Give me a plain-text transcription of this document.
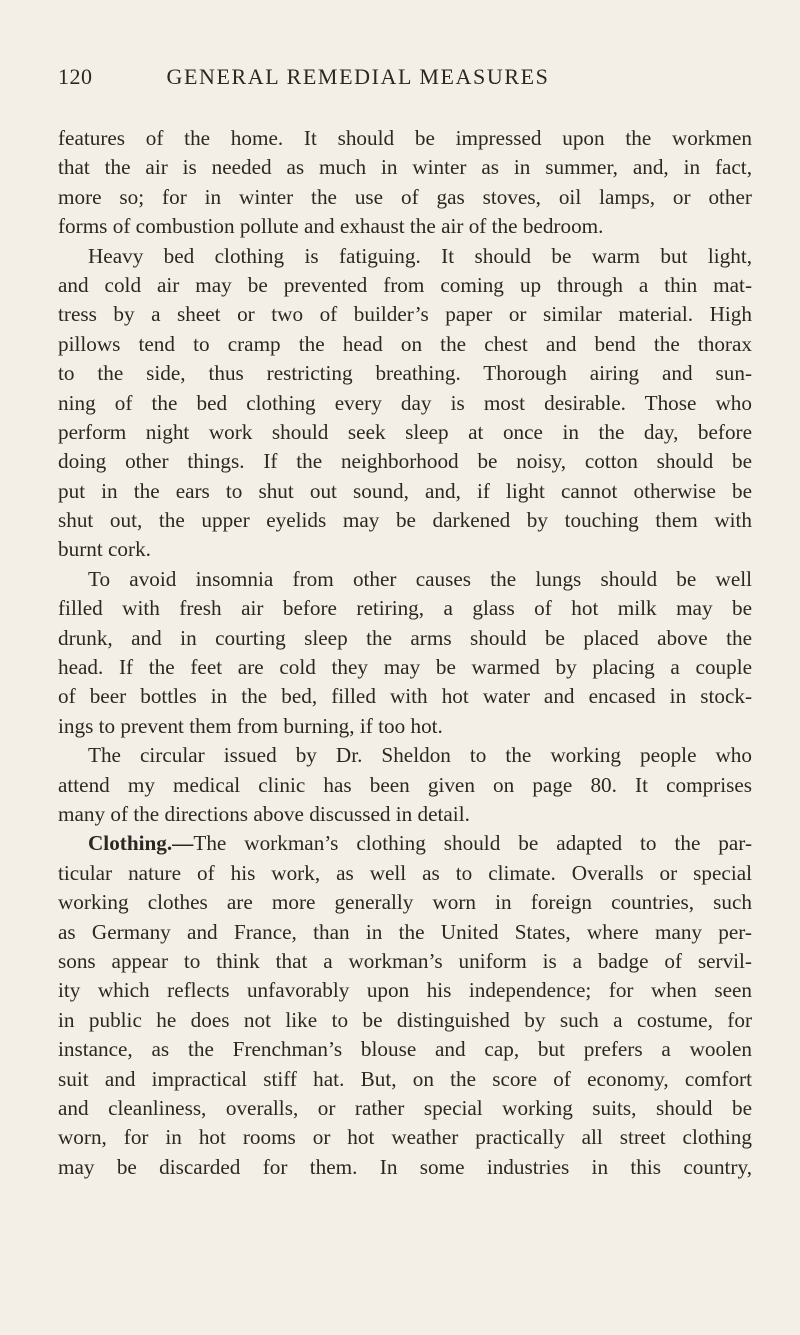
120	GENERAL REMEDIAL MEASURES
features of the home. It should be impressed upon the workmen
that the air is needed as much in winter as in summer, and, in fact,
more so; for in winter the use of gas stoves, oil lamps, or other
forms of combustion pollute and exhaust the air of the bedroom.
Heavy bed clothing is fatiguing. It should be warm but light,
and cold air may be prevented from coming up through a thin mat-
tress by a sheet or two of builder’s paper or similar material. High
pillows tend to cramp the head on the chest and bend the thorax
to the side, thus restricting breathing. Thorough airing and sun-
ning of the bed clothing every day is most desirable. Those who
perform night work should seek sleep at once in the day, before
doing other things. If the neighborhood be noisy, cotton should be
put in the ears to shut out sound, and, if light cannot otherwise be
shut out, the upper eyelids may be darkened by touching them with
burnt cork.
To avoid insomnia from other causes the lungs should be well
filled with fresh air before retiring, a glass of hot milk may be
drunk, and in courting sleep the arms should be placed above the
head. If the feet are cold they may be warmed by placing a couple
of beer bottles in the bed, filled with hot water and encased in stock-
ings to prevent them from burning, if too hot.
The circular issued by Dr. Sheldon to the working people who
attend my medical clinic has been given on page 80. It comprises
many of the directions above discussed in detail.
Clothing.—The workman’s clothing should be adapted to the par-
ticular nature of his work, as well as to climate. Overalls or special
working clothes are more generally worn in foreign countries, such
as Germany and France, than in the United States, where many per-
sons appear to think that a workman’s uniform is a badge of servil-
ity which reflects unfavorably upon his independence; for when seen
in public he does not like to be distinguished by such a costume, for
instance, as the Frenchman’s blouse and cap, but prefers a woolen
suit and impractical stiff hat. But, on the score of economy, comfort
and cleanliness, overalls, or rather special working suits, should be
worn, for in hot rooms or hot weather practically all street clothing
may be discarded for them. In some industries in this country,
